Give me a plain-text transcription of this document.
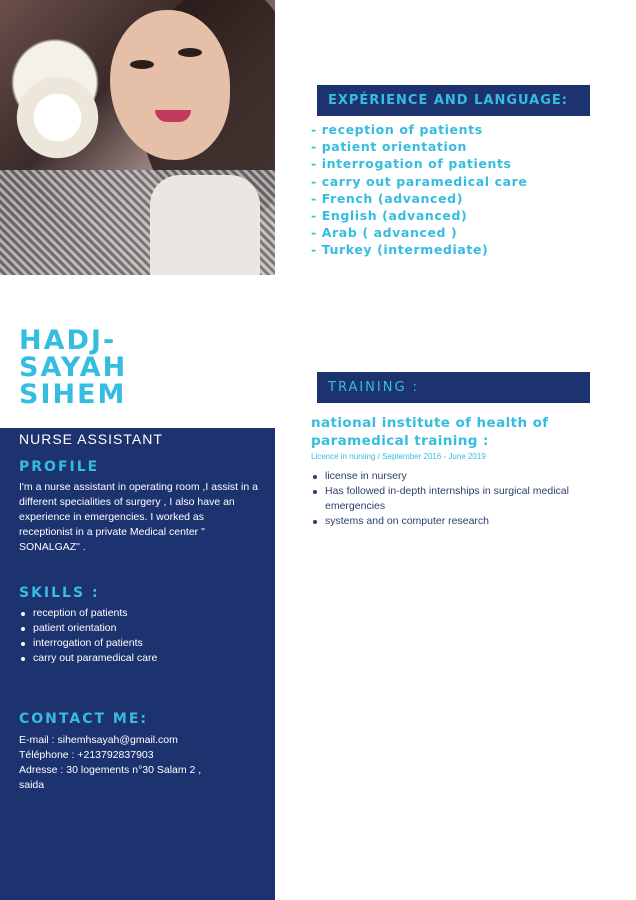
HADJ-
SAYAH
SIHEM
NURSE ASSISTANT
PROFILE
I'm a nurse assistant in operating room ,I assist in a different specialities of surgery , I also have an experience in emergencies. I worked as receptionist in a private Medical center " SONALGAZ" .
SKILLS :
reception of patients
patient orientation
interrogation of patients
carry out paramedical care
CONTACT ME:
E-mail : sihemhsayah@gmail.com
Téléphone : +213792837903
Adresse : 30 logements n°30 Salam 2 ,
saida
EXPÉRIENCE AND LANGUAGE:
- reception of patients
- patient orientation
- interrogation of patients
- carry out paramedical care
- French (advanced)
- English (advanced)
- Arab ( advanced )
- Turkey (intermediate)
TRAINING :
national institute of health of paramedical training :
Licence in nursing / September 2016 - June 2019
license in nursery
Has followed in-depth internships in surgical medical emergencies
systems and on computer research
